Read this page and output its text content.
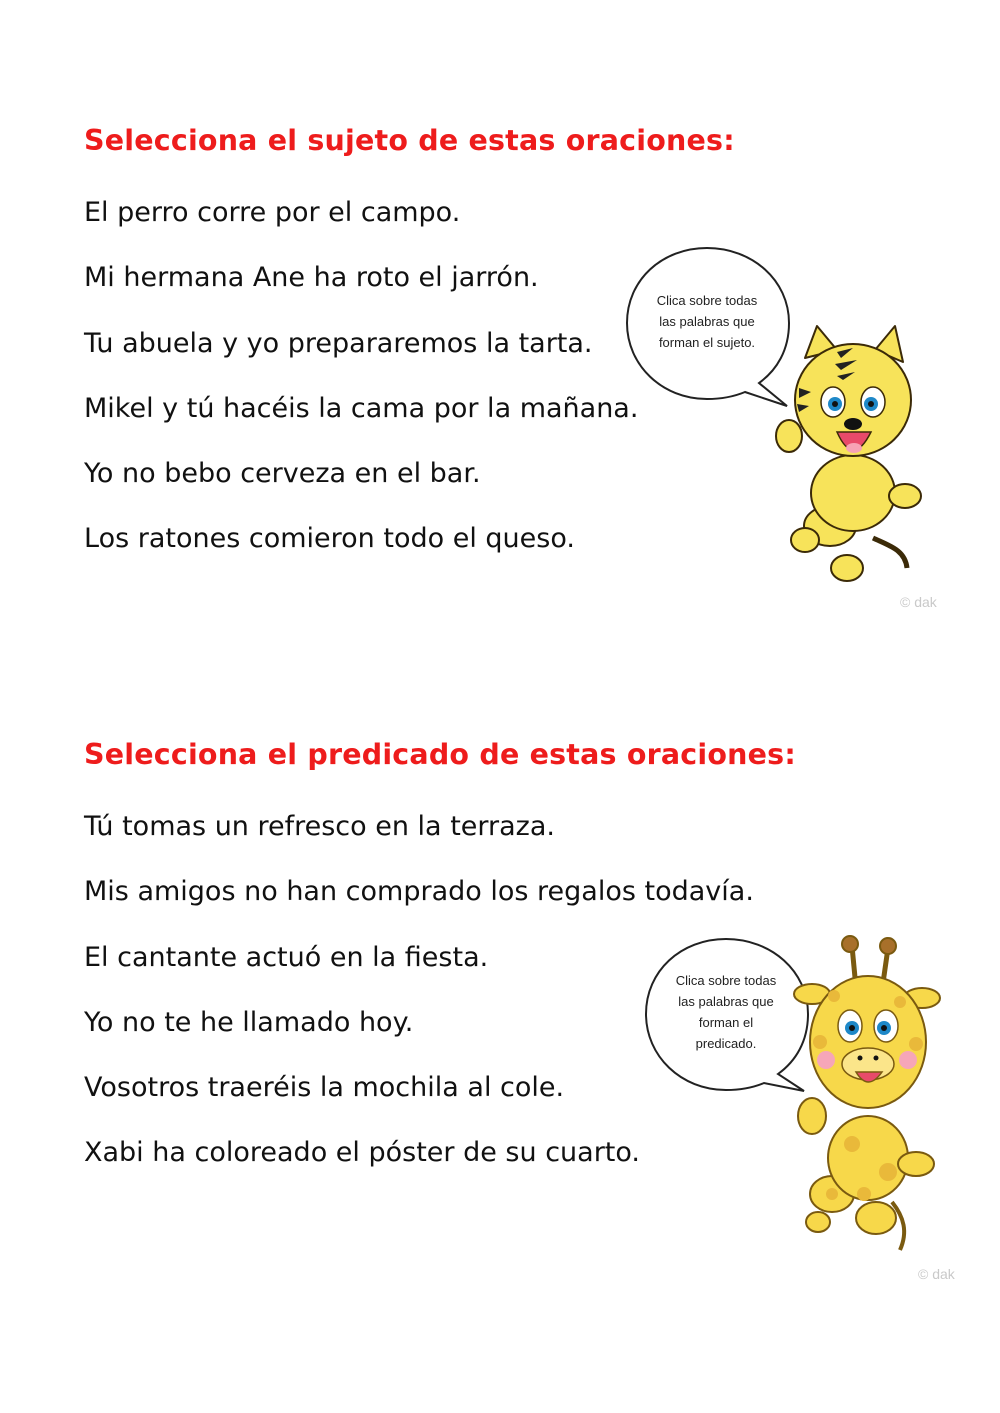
Selecciona el sujeto de estas oraciones:
El perro corre por el campo.
Mi hermana Ane ha roto el jarrón.
Tu abuela y yo prepararemos la tarta.
Mikel y tú hacéis la cama por la mañana.
Yo no bebo cerveza en el bar.
Los ratones comieron todo el queso.
Clica sobre todas las palabras que forman el sujeto.
© dak
Selecciona el predicado de estas oraciones:
Tú tomas un refresco en la terraza.
Mis amigos no han comprado los regalos todavía.
El cantante actuó en la fiesta.
Yo no te he llamado hoy.
Vosotros traeréis la mochila al cole.
Xabi ha coloreado el póster de su cuarto.
Clica sobre todas las palabras que forman el predicado.
© dak
